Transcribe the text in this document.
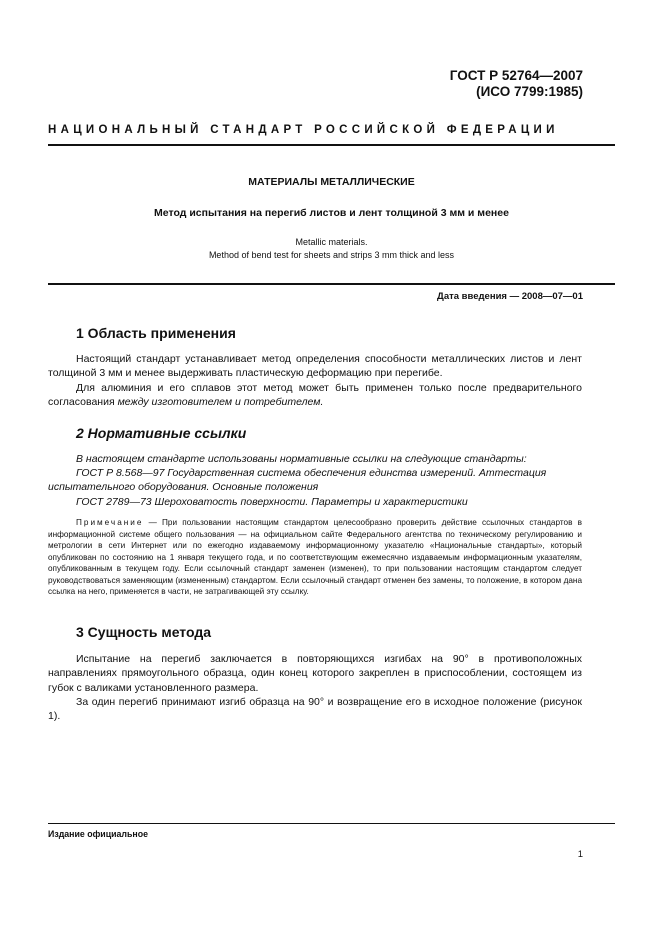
ГОСТ Р 52764—2007
(ИСО 7799:1985)
НАЦИОНАЛЬНЫЙ СТАНДАРТ РОССИЙСКОЙ ФЕДЕРАЦИИ
МАТЕРИАЛЫ МЕТАЛЛИЧЕСКИЕ
Метод испытания на перегиб листов и лент толщиной 3 мм и менее
Metallic materials.
Method of bend test for sheets and strips 3 mm thick and less
Дата введения — 2008—07—01
1 Область применения
Настоящий стандарт устанавливает метод определения способности металлических листов и лент толщиной 3 мм и менее выдерживать пластическую деформацию при перегибе.
Для алюминия и его сплавов этот метод может быть применен только после предварительного согласования между изготовителем и потребителем.
2 Нормативные ссылки
В настоящем стандарте использованы нормативные ссылки на следующие стандарты:
ГОСТ Р 8.568—97 Государственная система обеспечения единства измерений. Аттестация испытательного оборудования. Основные положения
ГОСТ 2789—73 Шероховатость поверхности. Параметры и характеристики
Примечание — При пользовании настоящим стандартом целесообразно проверить действие ссылочных стандартов в информационной системе общего пользования — на официальном сайте Федерального агентства по техническому регулированию и метрологии в сети Интернет или по ежегодно издаваемому информационному указателю «Национальные стандарты», который опубликован по состоянию на 1 января текущего года, и по соответствующим ежемесячно издаваемым информационным указателям, опубликованным в текущем году. Если ссылочный стандарт заменен (изменен), то при пользовании настоящим стандартом следует руководствоваться заменяющим (измененным) стандартом. Если ссылочный стандарт отменен без замены, то положение, в котором дана ссылка на него, применяется в части, не затрагивающей эту ссылку.
3 Сущность метода
Испытание на перегиб заключается в повторяющихся изгибах на 90° в противоположных направлениях прямоугольного образца, один конец которого закреплен в приспособлении, состоящем из губок с валиками установленного размера.
За один перегиб принимают изгиб образца на 90° и возвращение его в исходное положение (рисунок 1).
Издание официальное
1
